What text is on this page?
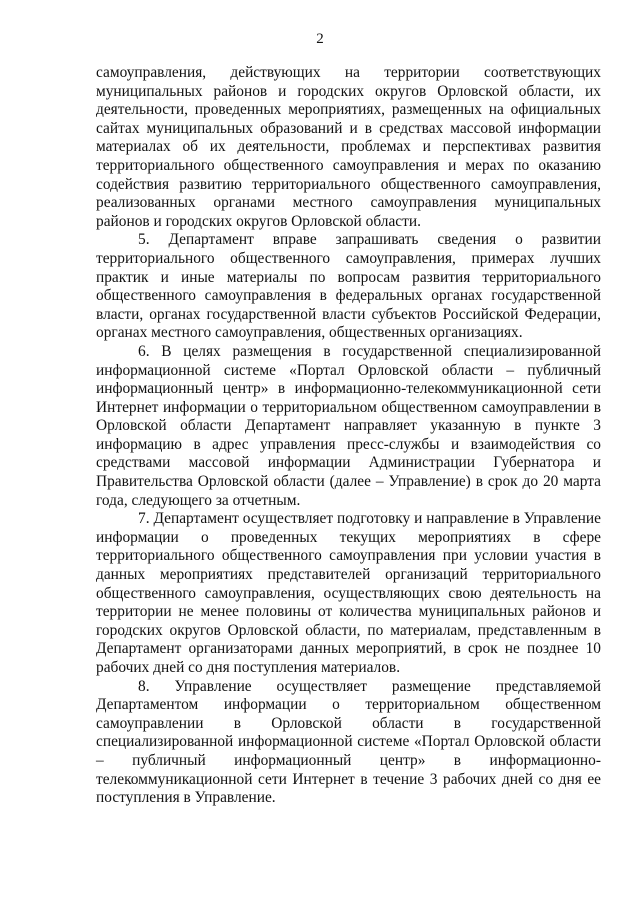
2

самоуправления, действующих на территории соответствующих муниципальных районов и городских округов Орловской области, их деятельности, проведенных мероприятиях, размещенных на официальных сайтах муниципальных образований и в средствах массовой информации материалах об их деятельности, проблемах и перспективах развития территориального общественного самоуправления и мерах по оказанию содействия развитию территориального общественного самоуправления, реализованных органами местного самоуправления муниципальных районов и городских округов Орловской области.

5. Департамент вправе запрашивать сведения о развитии территориального общественного самоуправления, примерах лучших практик и иные материалы по вопросам развития территориального общественного самоуправления в федеральных органах государственной власти, органах государственной власти субъектов Российской Федерации, органах местного самоуправления, общественных организациях.

6. В целях размещения в государственной специализированной информационной системе «Портал Орловской области – публичный информационный центр» в информационно-телекоммуникационной сети Интернет информации о территориальном общественном самоуправлении в Орловской области Департамент направляет указанную в пункте 3 информацию в адрес управления пресс-службы и взаимодействия со средствами массовой информации Администрации Губернатора и Правительства Орловской области (далее – Управление) в срок до 20 марта года, следующего за отчетным.

7. Департамент осуществляет подготовку и направление в Управление информации о проведенных текущих мероприятиях в сфере территориального общественного самоуправления при условии участия в данных мероприятиях представителей организаций территориального общественного самоуправления, осуществляющих свою деятельность на территории не менее половины от количества муниципальных районов и городских округов Орловской области, по материалам, представленным в Департамент организаторами данных мероприятий, в срок не позднее 10 рабочих дней со дня поступления материалов.

8. Управление осуществляет размещение представляемой Департаментом информации о территориальном общественном самоуправлении в Орловской области в государственной специализированной информационной системе «Портал Орловской области – публичный информационный центр» в информационно-телекоммуникационной сети Интернет в течение 3 рабочих дней со дня ее поступления в Управление.
